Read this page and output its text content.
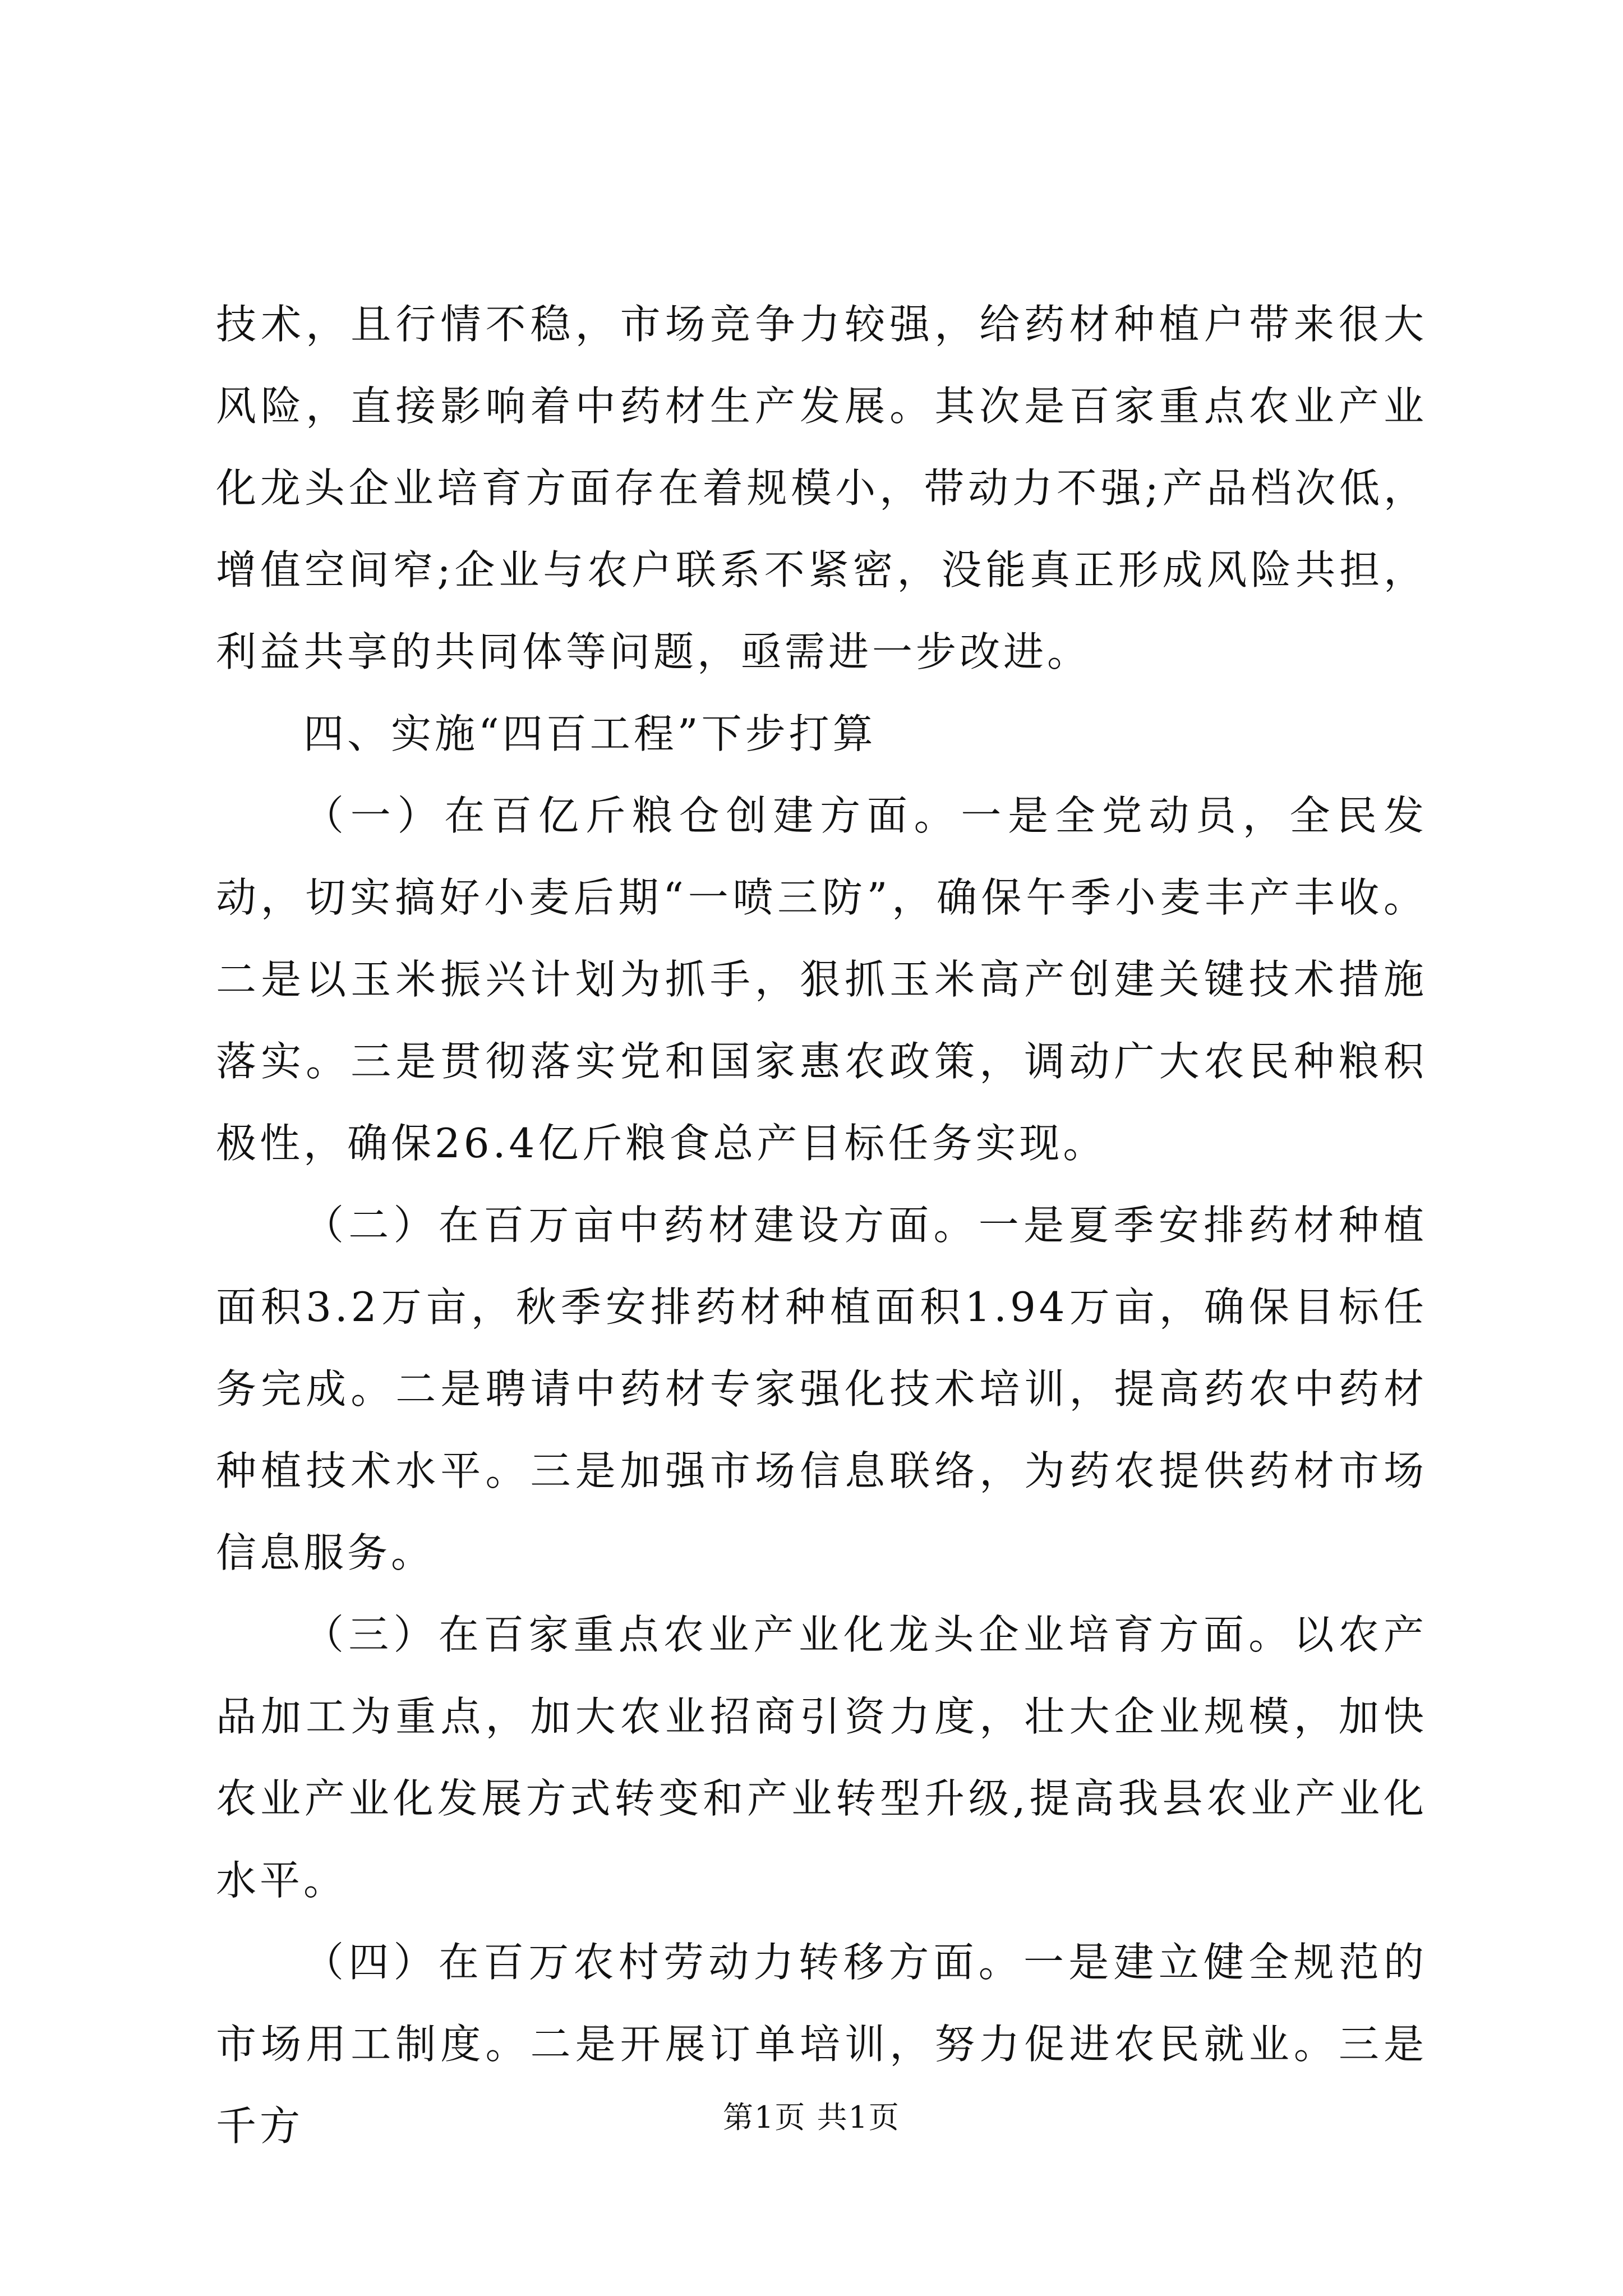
技术，且行情不稳，市场竞争力较强，给药材种植户带来很大风险，直接影响着中药材生产发展。其次是百家重点农业产业化龙头企业培育方面存在着规模小，带动力不强;产品档次低，增值空间窄;企业与农户联系不紧密，没能真正形成风险共担，利益共享的共同体等问题，亟需进一步改进。

四、实施“四百工程”下步打算

（一）在百亿斤粮仓创建方面。一是全党动员，全民发动，切实搞好小麦后期“一喷三防”，确保午季小麦丰产丰收。二是以玉米振兴计划为抓手，狠抓玉米高产创建关键技术措施落实。三是贯彻落实党和国家惠农政策，调动广大农民种粮积极性，确保26.4亿斤粮食总产目标任务实现。

（二）在百万亩中药材建设方面。一是夏季安排药材种植面积3.2万亩，秋季安排药材种植面积1.94万亩，确保目标任务完成。二是聘请中药材专家强化技术培训，提高药农中药材种植技术水平。三是加强市场信息联络，为药农提供药材市场信息服务。

（三）在百家重点农业产业化龙头企业培育方面。以农产品加工为重点，加大农业招商引资力度，壮大企业规模，加快农业产业化发展方式转变和产业转型升级,提高我县农业产业化水平。

（四）在百万农村劳动力转移方面。一是建立健全规范的市场用工制度。二是开展订单培训，努力促进农民就业。三是千方	第1页 共1页
